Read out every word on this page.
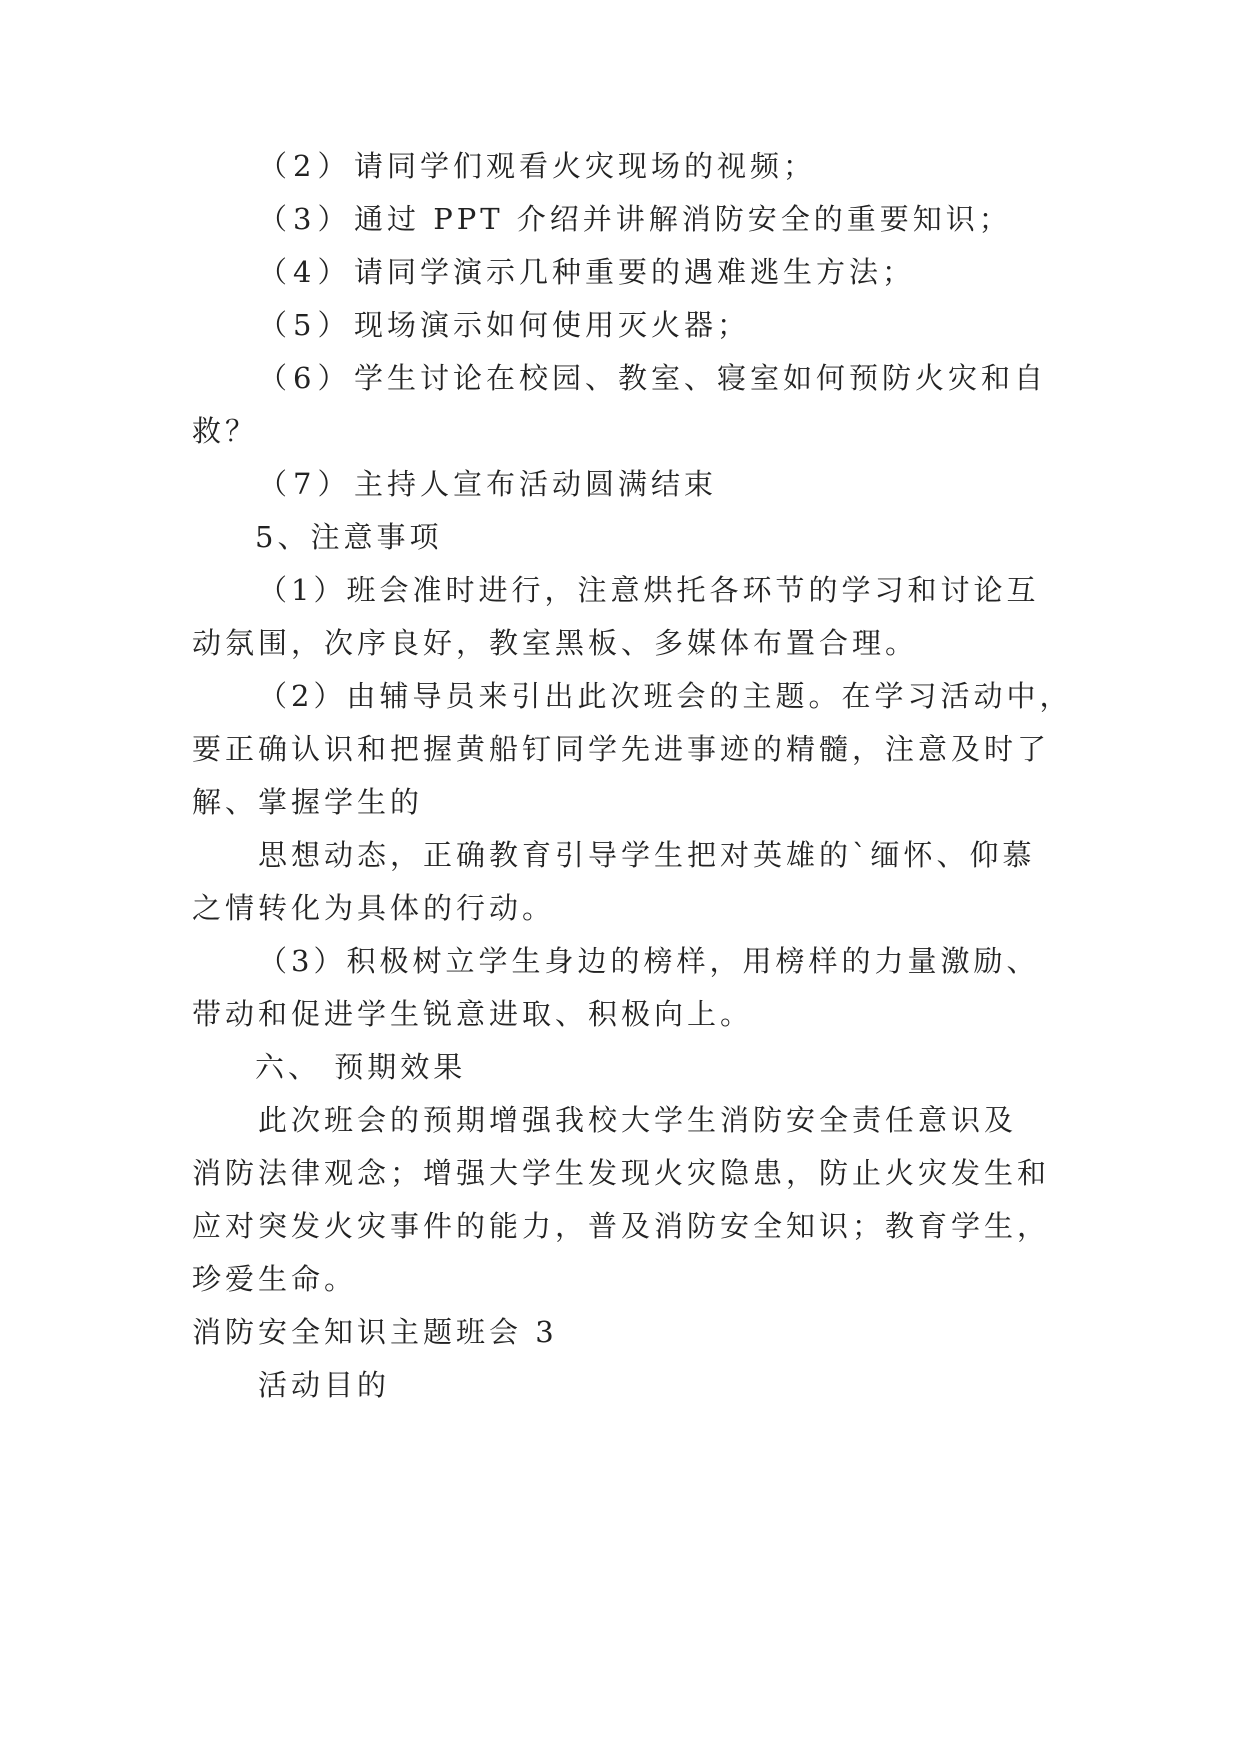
（2）请同学们观看火灾现场的视频；
（3）通过 PPT 介绍并讲解消防安全的重要知识；
（4）请同学演示几种重要的遇难逃生方法；
（5）现场演示如何使用灭火器；
（6）学生讨论在校园、教室、寝室如何预防火灾和自
救？
（7）主持人宣布活动圆满结束
5、注意事项
（1）班会准时进行，注意烘托各环节的学习和讨论互
动氛围，次序良好，教室黑板、多媒体布置合理。
（2）由辅导员来引出此次班会的主题。在学习活动中，
要正确认识和把握黄船钉同学先进事迹的精髓，注意及时了
解、掌握学生的
思想动态，正确教育引导学生把对英雄的`缅怀、仰慕
之情转化为具体的行动。
（3）积极树立学生身边的榜样，用榜样的力量激励、
带动和促进学生锐意进取、积极向上。
六、 预期效果
此次班会的预期增强我校大学生消防安全责任意识及
消防法律观念；增强大学生发现火灾隐患，防止火灾发生和
应对突发火灾事件的能力，普及消防安全知识；教育学生，
珍爱生命。
消防安全知识主题班会 3
活动目的
